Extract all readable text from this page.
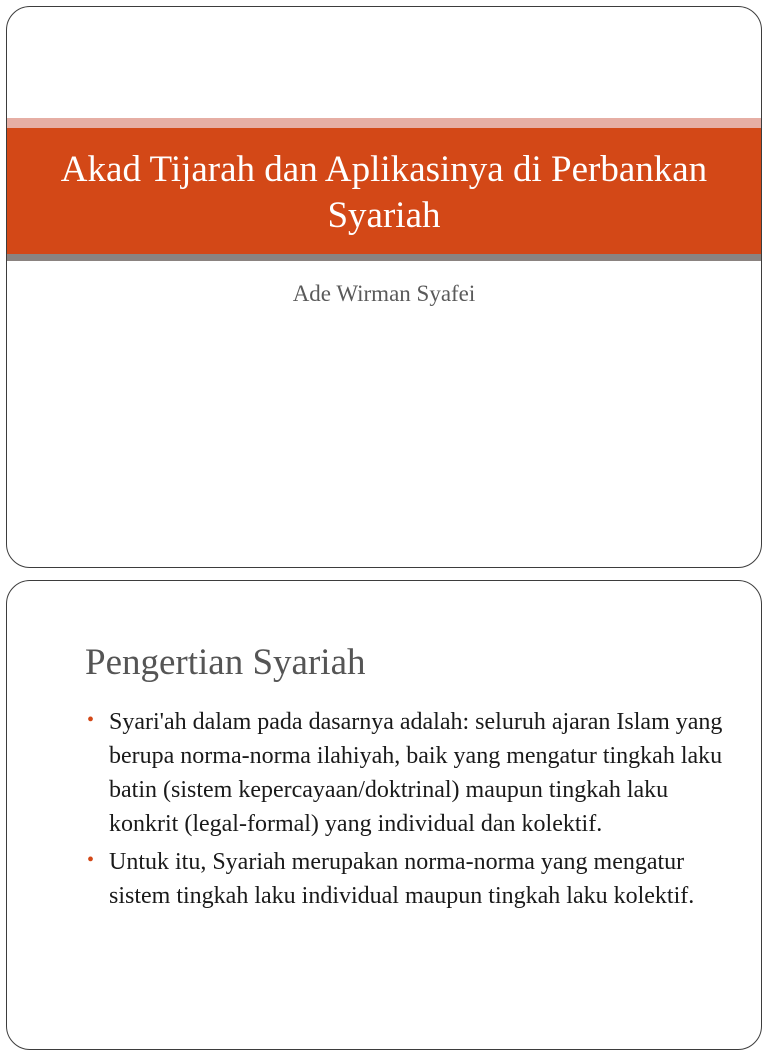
Akad Tijarah dan Aplikasinya di Perbankan Syariah

Ade Wirman Syafei

Pengertian Syariah
• Syari'ah dalam pada dasarnya adalah: seluruh ajaran Islam yang berupa norma-norma ilahiyah, baik yang mengatur tingkah laku batin (sistem kepercayaan/doktrinal) maupun tingkah laku konkrit (legal-formal) yang individual dan kolektif.
• Untuk itu, Syariah merupakan norma-norma yang mengatur sistem tingkah laku individual maupun tingkah laku kolektif.
